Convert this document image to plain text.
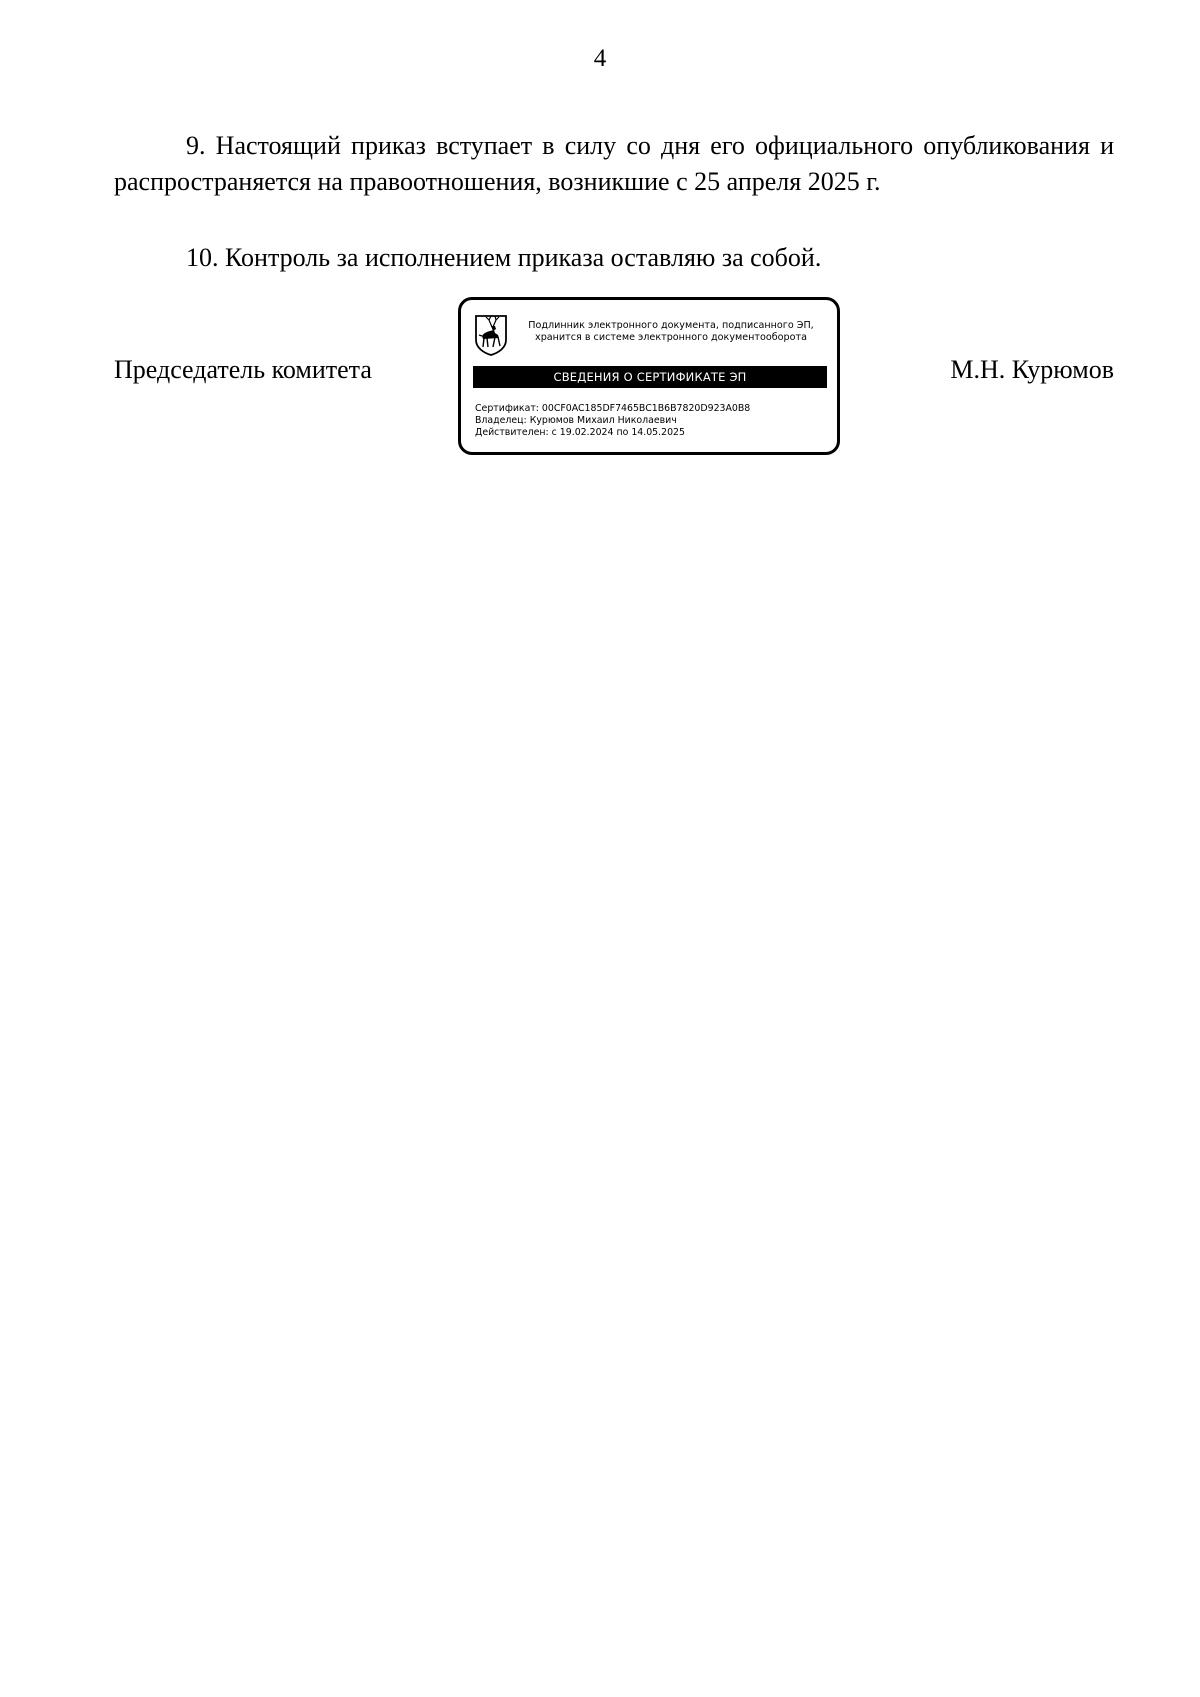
4

9. Настоящий приказ вступает в силу со дня его официального опубликования и распространяется на правоотношения, возникшие с 25 апреля 2025 г.

10. Контроль за исполнением приказа оставляю за собой.

Председатель комитета

Подлинник электронного документа, подписанного ЭП,
хранится в системе электронного документооборота
СВЕДЕНИЯ О СЕРТИФИКАТЕ ЭП
Сертификат: 00CF0AC185DF7465BC1B6B7820D923A0B8
Владелец: Курюмов Михаил Николаевич
Действителен: с 19.02.2024 по 14.05.2025

М.Н. Курюмов
